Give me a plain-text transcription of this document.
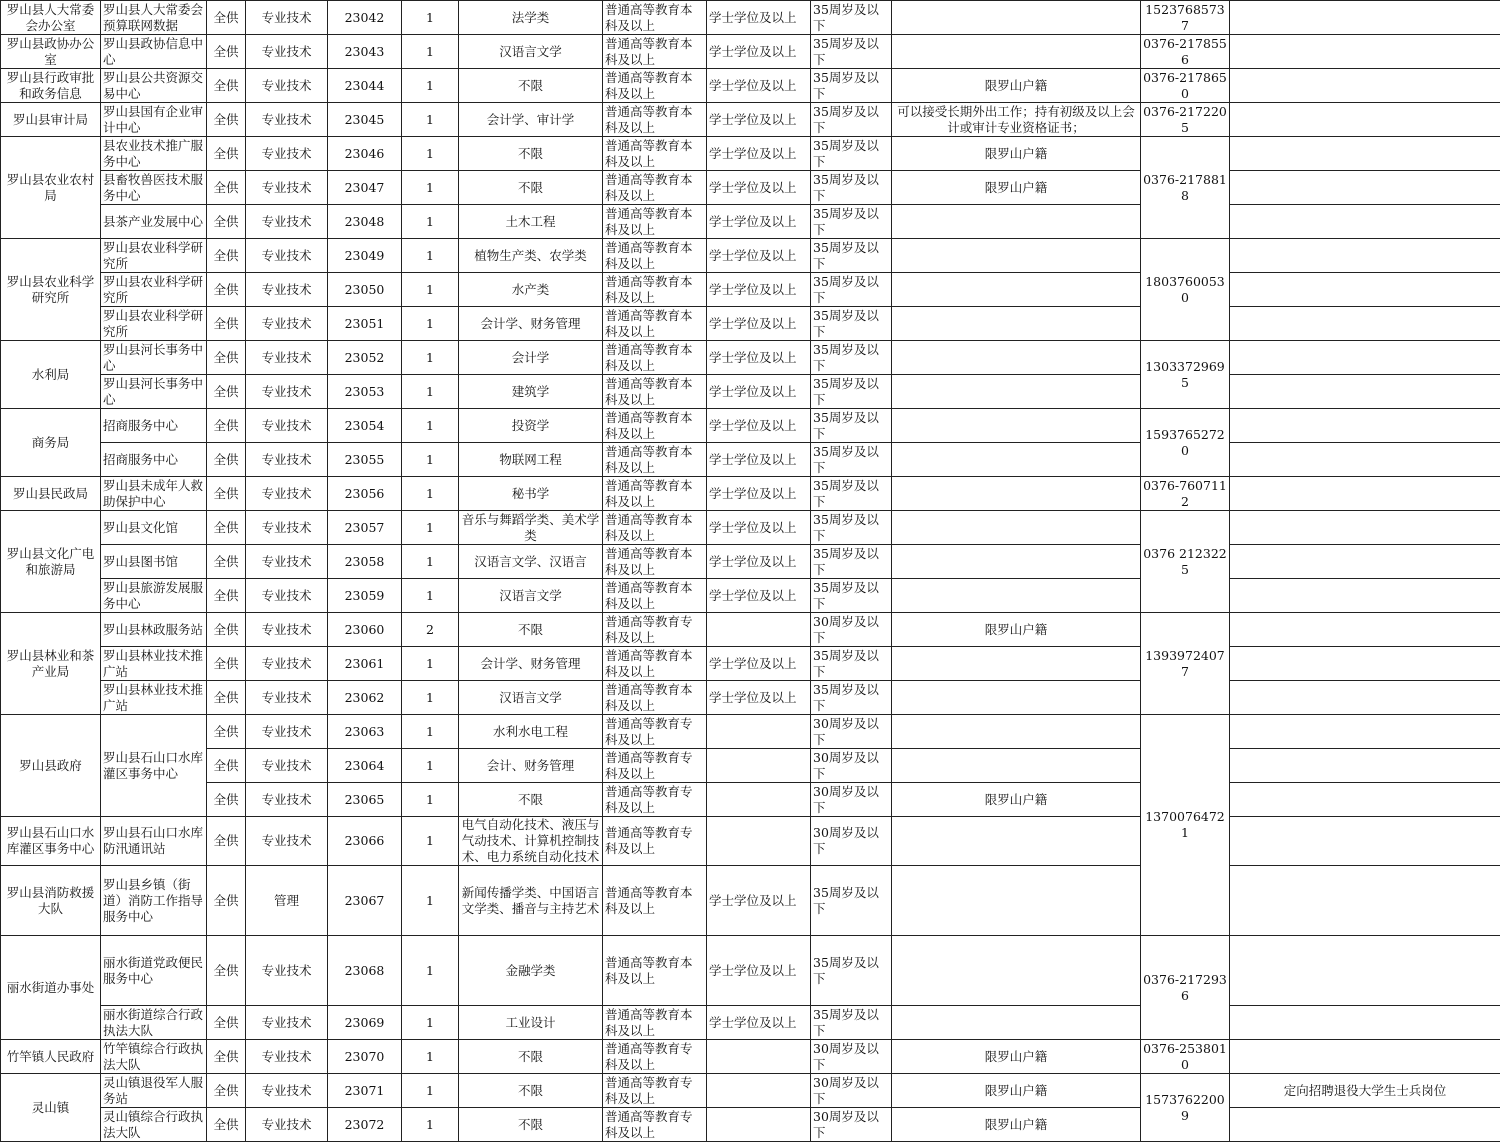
罗山县人大常委会办公室	罗山县人大常委会预算联网数据	全供	专业技术	23042	1	法学类	普通高等教育本科及以上	学士学位及以上	35周岁及以下		15237685737	
罗山县政协办公室	罗山县政协信息中心	全供	专业技术	23043	1	汉语言文学	普通高等教育本科及以上	学士学位及以上	35周岁及以下		0376-2178556	
罗山县行政审批和政务信息	罗山县公共资源交易中心	全供	专业技术	23044	1	不限	普通高等教育本科及以上	学士学位及以上	35周岁及以下	限罗山户籍	0376-2178650	
罗山县审计局	罗山县国有企业审计中心	全供	专业技术	23045	1	会计学、审计学	普通高等教育本科及以上	学士学位及以上	35周岁及以下	可以接受长期外出工作；持有初级及以上会计或审计专业资格证书；	0376-2172205	
罗山县农业农村局	县农业技术推广服务中心	全供	专业技术	23046	1	不限	普通高等教育本科及以上	学士学位及以上	35周岁及以下	限罗山户籍	0376-2178818	
	县畜牧兽医技术服务中心	全供	专业技术	23047	1	不限	普通高等教育本科及以上	学士学位及以上	35周岁及以下	限罗山户籍		
	县茶产业发展中心	全供	专业技术	23048	1	土木工程	普通高等教育本科及以上	学士学位及以上	35周岁及以下			
罗山县农业科学研究所	罗山县农业科学研究所	全供	专业技术	23049	1	植物生产类、农学类	普通高等教育本科及以上	学士学位及以上	35周岁及以下		18037600530	
	罗山县农业科学研究所	全供	专业技术	23050	1	水产类	普通高等教育本科及以上	学士学位及以上	35周岁及以下			
	罗山县农业科学研究所	全供	专业技术	23051	1	会计学、财务管理	普通高等教育本科及以上	学士学位及以上	35周岁及以下			
水利局	罗山县河长事务中心	全供	专业技术	23052	1	会计学	普通高等教育本科及以上	学士学位及以上	35周岁及以下		13033729695	
	罗山县河长事务中心	全供	专业技术	23053	1	建筑学	普通高等教育本科及以上	学士学位及以上	35周岁及以下			
商务局	招商服务中心	全供	专业技术	23054	1	投资学	普通高等教育本科及以上	学士学位及以上	35周岁及以下		15937652720	
	招商服务中心	全供	专业技术	23055	1	物联网工程	普通高等教育本科及以上	学士学位及以上	35周岁及以下			
罗山县民政局	罗山县未成年人救助保护中心	全供	专业技术	23056	1	秘书学	普通高等教育本科及以上	学士学位及以上	35周岁及以下		0376-7607112	
罗山县文化广电和旅游局	罗山县文化馆	全供	专业技术	23057	1	音乐与舞蹈学类、美术学类	普通高等教育本科及以上	学士学位及以上	35周岁及以下		0376 2123225	
	罗山县图书馆	全供	专业技术	23058	1	汉语言文学、汉语言	普通高等教育本科及以上	学士学位及以上	35周岁及以下			
	罗山县旅游发展服务中心	全供	专业技术	23059	1	汉语言文学	普通高等教育本科及以上	学士学位及以上	35周岁及以下			
罗山县林业和茶产业局	罗山县林政服务站	全供	专业技术	23060	2	不限	普通高等教育专科及以上		30周岁及以下	限罗山户籍	13939724077	
	罗山县林业技术推广站	全供	专业技术	23061	1	会计学、财务管理	普通高等教育本科及以上	学士学位及以上	35周岁及以下			
	罗山县林业技术推广站	全供	专业技术	23062	1	汉语言文学	普通高等教育本科及以上	学士学位及以上	35周岁及以下			
罗山县政府	罗山县石山口水库灌区事务中心	全供	专业技术	23063	1	水利水电工程	普通高等教育专科及以上		30周岁及以下		13700764721	
		全供	专业技术	23064	1	会计、财务管理	普通高等教育专科及以上		30周岁及以下			
		全供	专业技术	23065	1	不限	普通高等教育专科及以上		30周岁及以下	限罗山户籍		
罗山县石山口水库灌区事务中心	罗山县石山口水库防汛通讯站	全供	专业技术	23066	1	电气自动化技术、液压与气动技术、计算机控制技术、电力系统自动化技术	普通高等教育专科及以上		30周岁及以下			
罗山县消防救援大队	罗山县乡镇（街道）消防工作指导服务中心	全供	管理	23067	1	新闻传播学类、中国语言文学类、播音与主持艺术	普通高等教育本科及以上	学士学位及以上	35周岁及以下			
丽水街道办事处	丽水街道党政便民服务中心	全供	专业技术	23068	1	金融学类	普通高等教育本科及以上	学士学位及以上	35周岁及以下		0376-2172936	
	丽水街道综合行政执法大队	全供	专业技术	23069	1	工业设计	普通高等教育本科及以上	学士学位及以上	35周岁及以下			
竹竿镇人民政府	竹竿镇综合行政执法大队	全供	专业技术	23070	1	不限	普通高等教育专科及以上		30周岁及以下	限罗山户籍	0376-2538010	
灵山镇	灵山镇退役军人服务站	全供	专业技术	23071	1	不限	普通高等教育专科及以上		30周岁及以下	限罗山户籍	15737622009	定向招聘退役大学生士兵岗位
	灵山镇综合行政执法大队	全供	专业技术	23072	1	不限	普通高等教育专科及以上		30周岁及以下	限罗山户籍		
